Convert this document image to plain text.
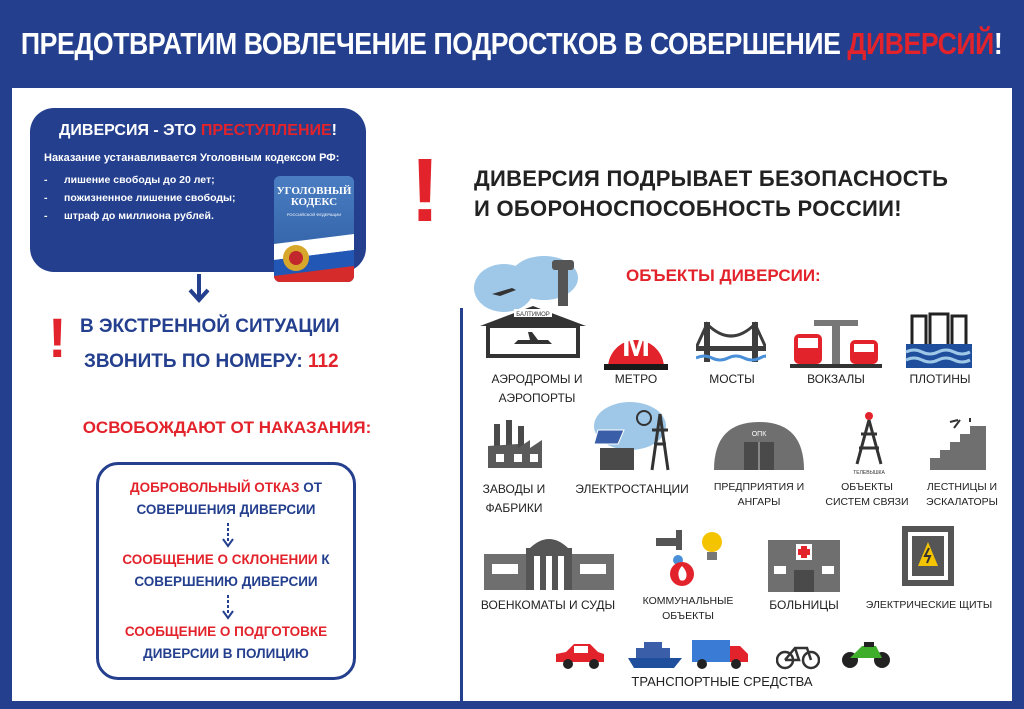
ПРЕДОТВРАТИМ ВОВЛЕЧЕНИЕ ПОДРОСТКОВ В СОВЕРШЕНИЕ ДИВЕРСИЙ!
ДИВЕРСИЯ - ЭТО ПРЕСТУПЛЕНИЕ!
Наказание устанавливается Уголовным кодексом РФ:
- лишение свободы до 20 лет;
- пожизненное лишение свободы;
- штраф до миллиона рублей.
УГОЛОВНЫЙ КОДЕКС
РОССИЙСКОЙ ФЕДЕРАЦИИ
! В ЭКСТРЕННОЙ СИТУАЦИИ
ЗВОНИТЬ ПО НОМЕРУ: 112
ОСВОБОЖДАЮТ ОТ НАКАЗАНИЯ:
ДОБРОВОЛЬНЫЙ ОТКАЗ ОТ
СОВЕРШЕНИЯ ДИВЕРСИИ
СООБЩЕНИЕ О СКЛОНЕНИИ К
СОВЕРШЕНИЮ ДИВЕРСИИ
СООБЩЕНИЕ О ПОДГОТОВКЕ
ДИВЕРСИИ В ПОЛИЦИЮ
! ДИВЕРСИЯ ПОДРЫВАЕТ БЕЗОПАСНОСТЬ
И ОБОРОНОСПОСОБНОСТЬ РОССИИ!
ОБЪЕКТЫ ДИВЕРСИИ:
БАЛТИМОР
АЭРОДРОМЫ И
АЭРОПОРТЫ
M
МЕТРО	МОСТЫ	ВОКЗАЛЫ	ПЛОТИНЫ
ЗАВОДЫ И
ФАБРИКИ
ЭЛЕКТРОСТАНЦИИ
ОПК
ПРЕДПРИЯТИЯ И
АНГАРЫ
ТЕЛЕВЫШКА
ОБЪЕКТЫ
СИСТЕМ СВЯЗИ
ЛЕСТНИЦЫ И
ЭСКАЛАТОРЫ
ВОЕНКОМАТЫ И СУДЫ	КОММУНАЛЬНЫЕ
ОБЪЕКТЫ
БОЛЬНИЦЫ	ЭЛЕКТРИЧЕСКИЕ ЩИТЫ
ТРАНСПОРТНЫЕ СРЕДСТВА
